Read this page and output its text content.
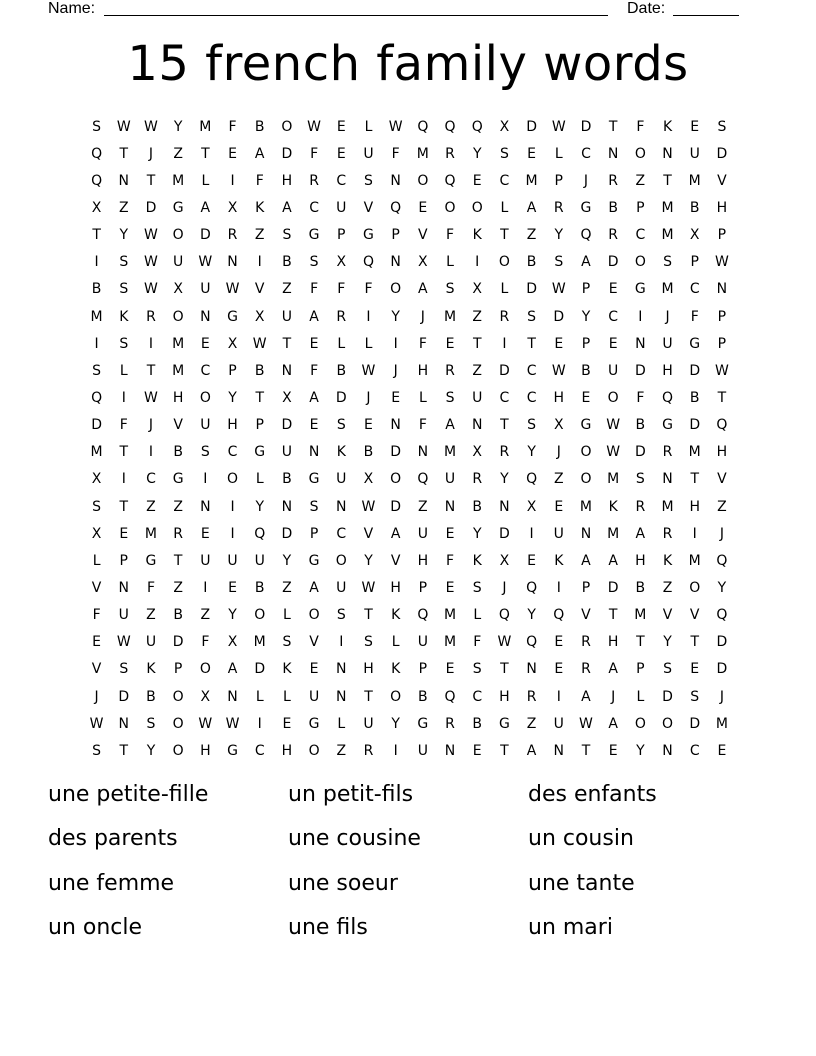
Name:	Date:
15 french family words
S	W W	Y	M	F	B	O	W	E	L	W	Q	Q	Q	X	D	W	D	T	F	K	E	S
Q	T	J	Z	T	E	A	D	F	E	U	F	M	R	Y	S	E	L	C	N	O	N	U	D
Q	N	T	M	L	I	F	H	R	C	S	N	O	Q	E	C	M	P	J	R	Z	T	M	V
X	Z	D	G	A	X	K	A	C	U	V	Q	E	O	O	L	A	R	G	B	P	M	B	H
T	Y	W	O	D	R	Z	S	G	P	G	P	V	F	K	T	Z	Y	Q	R	C	M	X	P
I	S	W	U	W	N	I	B	S	X	Q	N	X	L	I	O	B	S	A	D	O	S	P	W
B	S	W	X	U	W	V	Z	F	F	F	O	A	S	X	L	D	W	P	E	G	M	C	N
M	K	R	O	N	G	X	U	A	R	I	Y	J	M	Z	R	S	D	Y	C	I	J	F	P
I	S	I	M	E	X	W	T	E	L	L	I	F	E	T	I	T	E	P	E	N	U	G	P
S	L	T	M	C	P	B	N	F	B	W	J	H	R	Z	D	C	W	B	U	D	H	D	W
Q	I	W	H	O	Y	T	X	A	D	J	E	L	S	U	C	C	H	E	O	F	Q	B	T
D	F	J	V	U	H	P	D	E	S	E	N	F	A	N	T	S	X	G	W	B	G	D	Q
M	T	I	B	S	C	G	U	N	K	B	D	N	M	X	R	Y	J	O	W	D	R	M	H
X	I	C	G	I	O	L	B	G	U	X	O	Q	U	R	Y	Q	Z	O	M	S	N	T	V
S	T	Z	Z	N	I	Y	N	S	N	W	D	Z	N	B	N	X	E	M	K	R	M	H	Z
X	E	M	R	E	I	Q	D	P	C	V	A	U	E	Y	D	I	U	N	M	A	R	I	J
L	P	G	T	U	U	U	Y	G	O	Y	V	H	F	K	X	E	K	A	A	H	K	M	Q
V	N	F	Z	I	E	B	Z	A	U	W	H	P	E	S	J	Q	I	P	D	B	Z	O	Y
F	U	Z	B	Z	Y	O	L	O	S	T	K	Q	M	L	Q	Y	Q	V	T	M	V	V	Q
E	W	U	D	F	X	M	S	V	I	S	L	U	M	F	W	Q	E	R	H	T	Y	T	D
V	S	K	P	O	A	D	K	E	N	H	K	P	E	S	T	N	E	R	A	P	S	E	D
J	D	B	O	X	N	L	L	U	N	T	O	B	Q	C	H	R	I	A	J	L	D	S	J
W	N	S	O	W W	I	E	G	L	U	Y	G	R	B	G	Z	U	W	A	O	O	D	M
S	T	Y	O	H	G	C	H	O	Z	R	I	U	N	E	T	A	N	T	E	Y	N	C	E
une petite-fille	un petit-fils	des enfants
des parents	une cousine	un cousin
une femme	une soeur	une tante
un oncle	une fils	un mari
